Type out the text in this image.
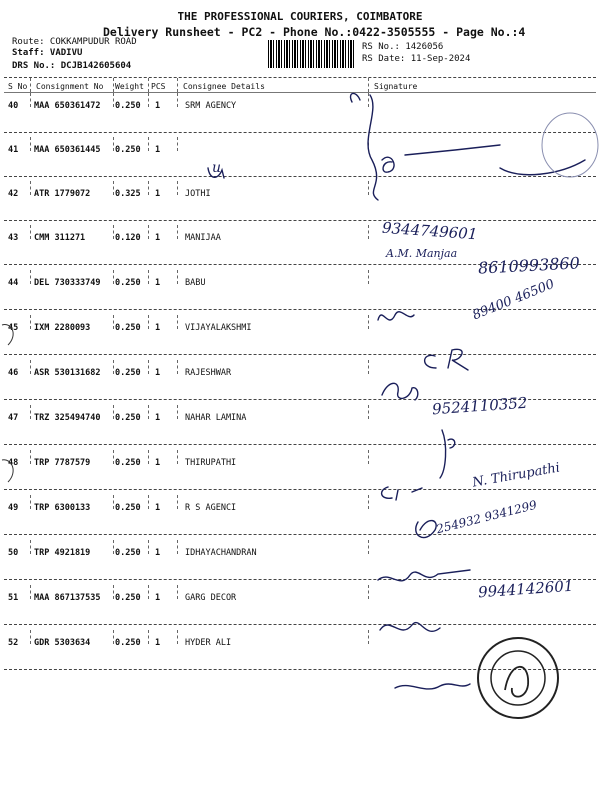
THE PROFESSIONAL COURIERS, COIMBATORE
Delivery Runsheet - PC2 - Phone No.:0422-3505555 - Page No.:4
Route: COKKAMPUDUR ROAD
Staff: VADIVU
RS No.: 1426056
RS Date: 11-Sep-2024
DRS No.: DCJB142605604
S No Consignment No Weight PCS Consignee Details	Signature
40 MAA 650361472 0.250 1	SRM AGENCY
41 MAA 650361445 0.250 1
42 ATR 1779072	0.325 1	JOTHI
43 CMM 311271	0.120 1	MANIJAA
44 DEL 730333749 0.250 1	BABU
45 IXM 2280093	0.250 1	VIJAYALAKSHMI
46 ASR 530131682 0.250 1	RAJESHWAR
47 TRZ 325494740 0.250 1	NAHAR LAMINA
48 TRP 7787579	0.250 1	THIRUPATHI
49 TRP 6300133	0.250 1	R S AGENCI
50 TRP 4921819	0.250 1	IDHAYACHANDRAN
51 MAA 867137535 0.250 1	GARG DECOR
52 GDR 5303634	0.250 1	HYDER ALI
u
9344749601
A.M. Manjaa 8610993860
89400 46500
9524110352
N. Thirupathi
254932 9341299
9944142601
